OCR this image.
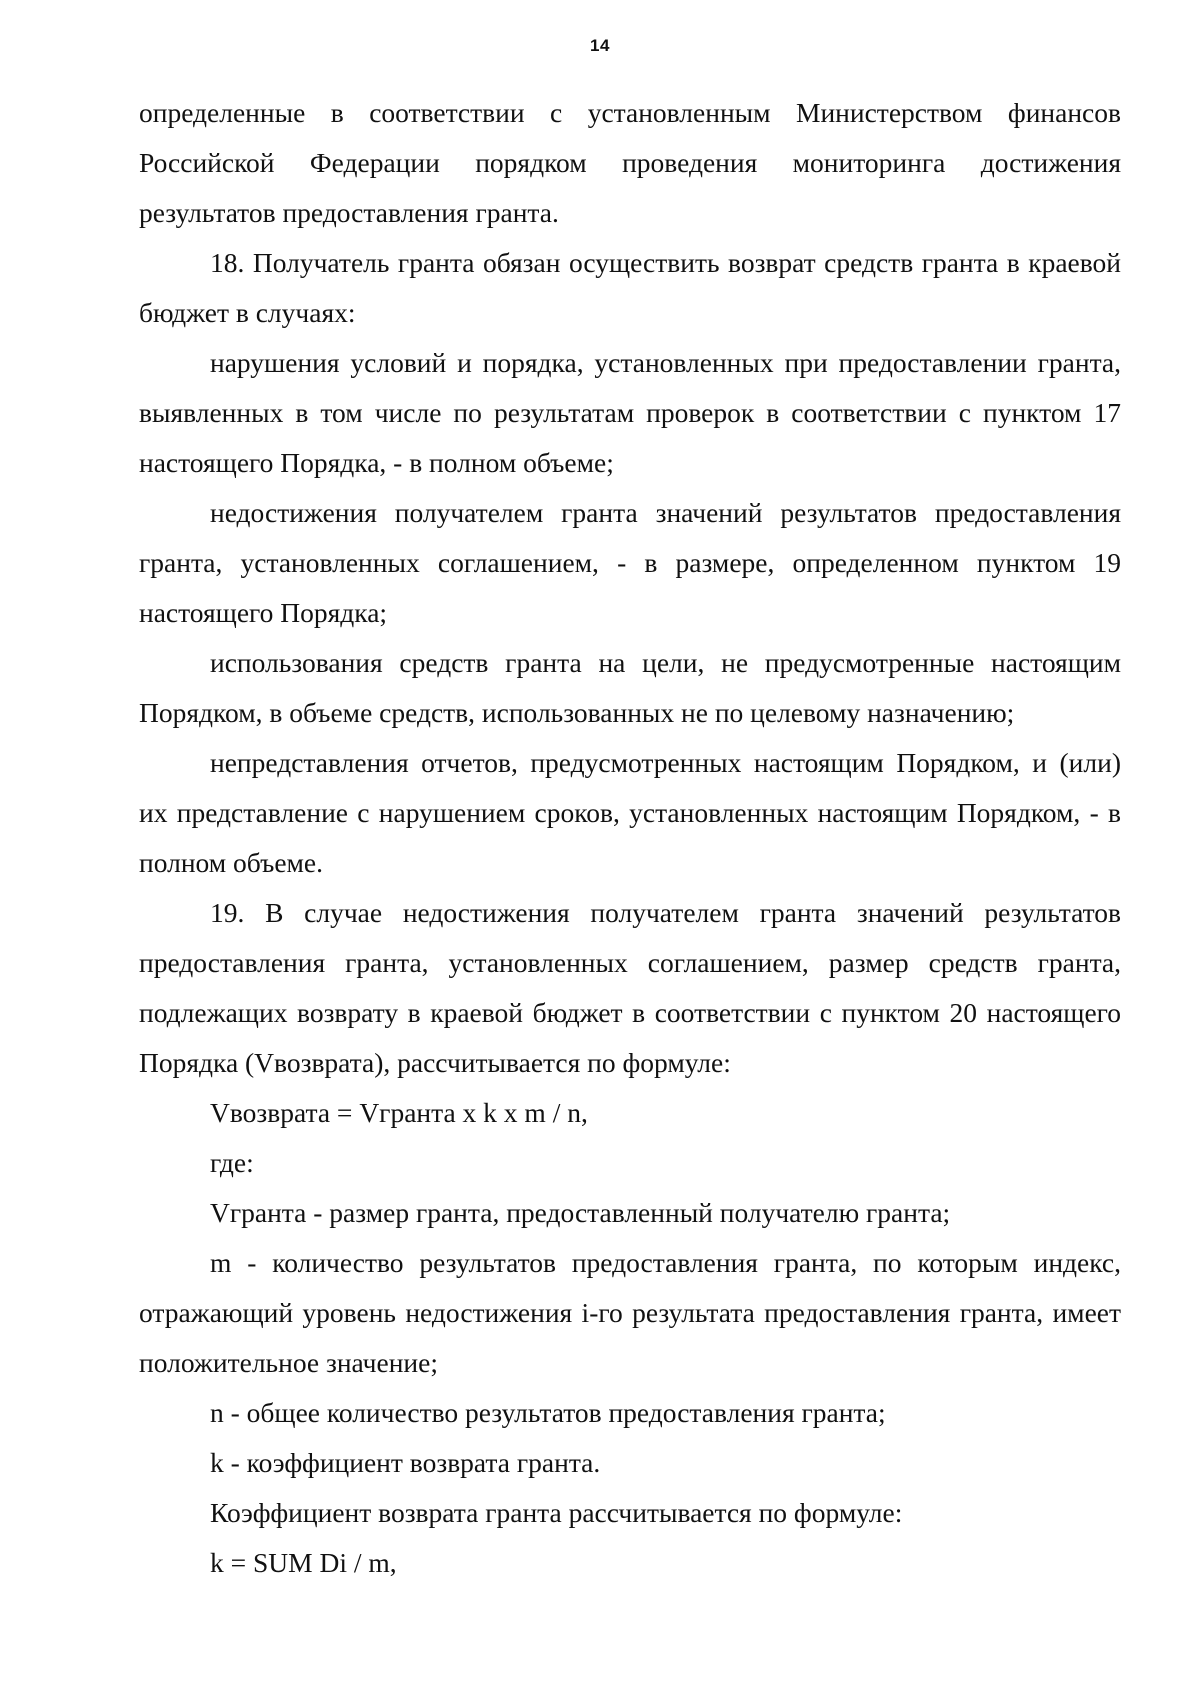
14

определенные в соответствии с установленным Министерством финансов Российской Федерации порядком проведения мониторинга достижения результатов предоставления гранта.

18. Получатель гранта обязан осуществить возврат средств гранта в краевой бюджет в случаях:

нарушения условий и порядка, установленных при предоставлении гранта, выявленных в том числе по результатам проверок в соответствии с пунктом 17 настоящего Порядка, - в полном объеме;

недостижения получателем гранта значений результатов предоставления гранта, установленных соглашением, - в размере, определенном пунктом 19 настоящего Порядка;

использования средств гранта на цели, не предусмотренные настоящим Порядком, в объеме средств, использованных не по целевому назначению;

непредставления отчетов, предусмотренных настоящим Порядком, и (или) их представление с нарушением сроков, установленных настоящим Порядком, - в полном объеме.

19. В случае недостижения получателем гранта значений результатов предоставления гранта, установленных соглашением, размер средств гранта, подлежащих возврату в краевой бюджет в соответствии с пунктом 20 настоящего Порядка (Vвозврата), рассчитывается по формуле:

Vвозврата = Vгранта x k x m / n,

где:

Vгранта - размер гранта, предоставленный получателю гранта;

m - количество результатов предоставления гранта, по которым индекс, отражающий уровень недостижения i-го результата предоставления гранта, имеет положительное значение;

n - общее количество результатов предоставления гранта;

k - коэффициент возврата гранта.

Коэффициент возврата гранта рассчитывается по формуле:

k = SUM Di / m,
